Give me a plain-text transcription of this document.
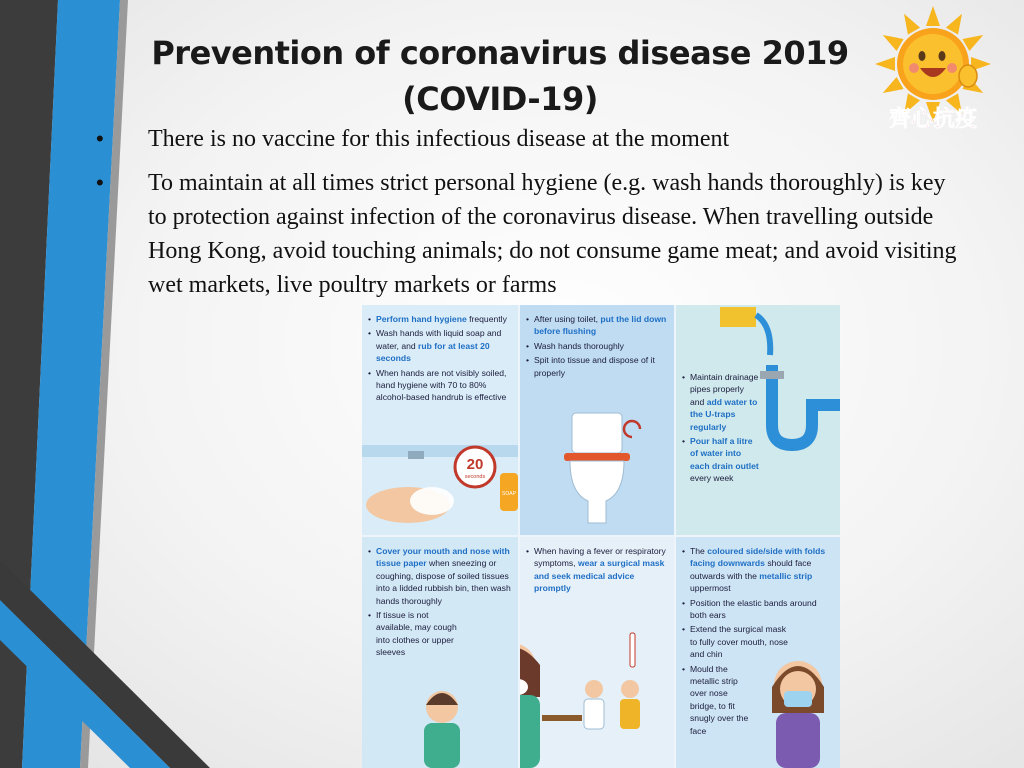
Prevention of coronavirus disease 2019
(COVID-19)
齊心抗疫
• There is no vaccine for this infectious disease at the moment
• To maintain at all times strict personal hygiene (e.g. wash hands thoroughly) is key to protection against infection of the coronavirus disease. When travelling outside Hong Kong, avoid touching animals; do not consume game meat; and avoid visiting wet markets, live poultry markets or farms
20
seconds
SOAP
• Perform hand hygiene frequently
• Wash hands with liquid soap and water, and rub for at least 20 seconds
• When hands are not visibly soiled, hand hygiene with 70 to 80% alcohol-based handrub is effective
• After using toilet, put the lid down before flushing
• Wash hands thoroughly
• Spit into tissue and dispose of it properly
•	Maintain drainage pipes properly and add water to the U-traps regularly
• Pour half a litre of water into each drain outlet every week
• Cover your mouth and nose with tissue paper when sneezing or coughing, dispose of soiled tissues into a lidded rubbish bin, then wash hands thoroughly
• If tissue is not available, may cough into clothes or upper sleeves
• When having a fever or respiratory symptoms, wear a surgical mask and seek medical advice promptly
• The coloured side/side with folds facing downwards should face outwards with the metallic strip uppermost
• Position the elastic bands around both ears
• Extend the surgical mask to fully cover mouth, nose and chin
• Mould the metallic strip over nose bridge, to fit snugly over the face
